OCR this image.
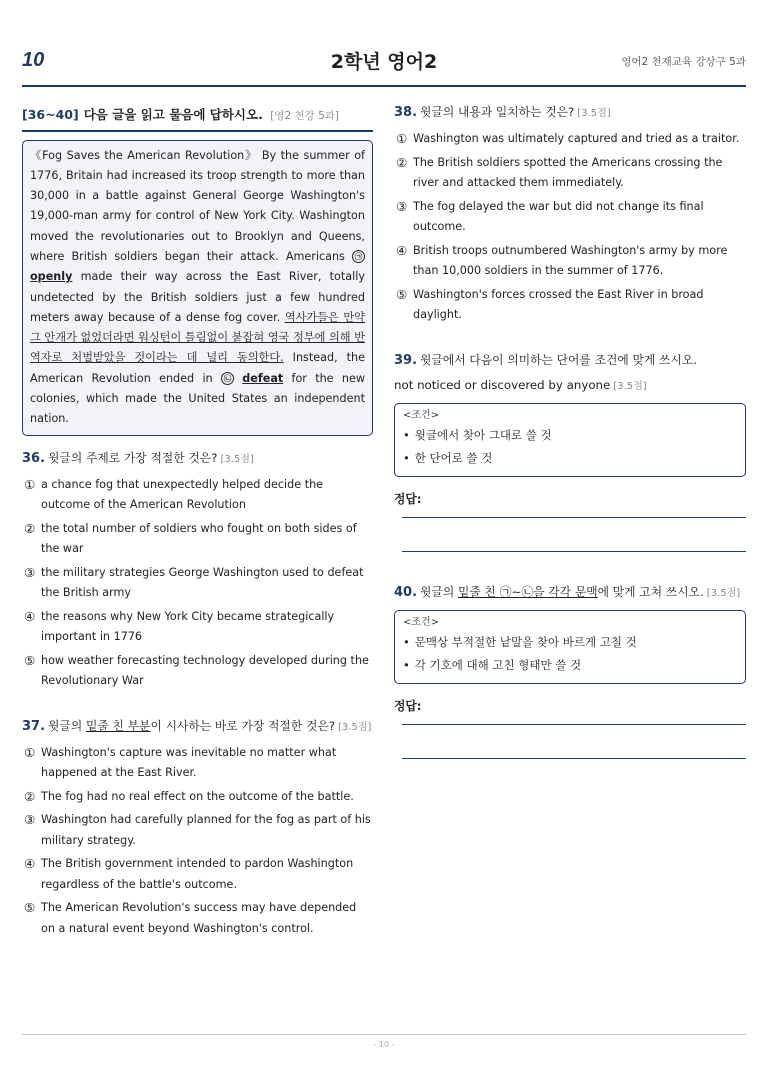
10	2학년 영어2	영어2 천재교육 강상구 5과
[36~40] 다음 글을 읽고 물음에 답하시오. [영2 천강 5과]
《Fog Saves the American Revolution》 By the summer of 1776, Britain had increased its troop strength to more than 30,000 in a battle against General George Washington's 19,000-man army for control of New York City. Washington moved the revolutionaries out to Brooklyn and Queens, where British soldiers began their attack. Americans ㉠ openly made their way across the East River, totally undetected by the British soldiers just a few hundred meters away because of a dense fog cover. 역사가들은 만약 그 안개가 없었더라면 워싱턴이 틀림없이 붙잡혀 영국 정부에 의해 반역자로 처벌받았을 것이라는 데 널리 동의한다. Instead, the American Revolution ended in ㉡ defeat for the new colonies, which made the United States an independent nation.
36. 윗글의 주제로 가장 적절한 것은? [3.5점]
① a chance fog that unexpectedly helped decide the outcome of the American Revolution
② the total number of soldiers who fought on both sides of the war
③ the military strategies George Washington used to defeat the British army
④ the reasons why New York City became strategically important in 1776
⑤ how weather forecasting technology developed during the Revolutionary War
37. 윗글의 밑줄 친 부분이 시사하는 바로 가장 적절한 것은? [3.5점]
① Washington's capture was inevitable no matter what happened at the East River.
② The fog had no real effect on the outcome of the battle.
③ Washington had carefully planned for the fog as part of his military strategy.
④ The British government intended to pardon Washington regardless of the battle's outcome.
⑤ The American Revolution's success may have depended on a natural event beyond Washington's control.
38. 윗글의 내용과 일치하는 것은? [3.5점]
① Washington was ultimately captured and tried as a traitor.
② The British soldiers spotted the Americans crossing the river and attacked them immediately.
③ The fog delayed the war but did not change its final outcome.
④ British troops outnumbered Washington's army by more than 10,000 soldiers in the summer of 1776.
⑤ Washington's forces crossed the East River in broad daylight.
39. 윗글에서 다음이 의미하는 단어를 조건에 맞게 쓰시오.
not noticed or discovered by anyone [3.5점]
<조건>
• 윗글에서 찾아 그대로 쓸 것
• 한 단어로 쓸 것
정답:
40. 윗글의 밑줄 친 ㉠~㉡을 각각 문맥에 맞게 고쳐 쓰시오. [3.5점]
<조건>
• 문맥상 부적절한 낱말을 찾아 바르게 고칠 것
• 각 기호에 대해 고친 형태만 쓸 것
정답:
- 10 -
